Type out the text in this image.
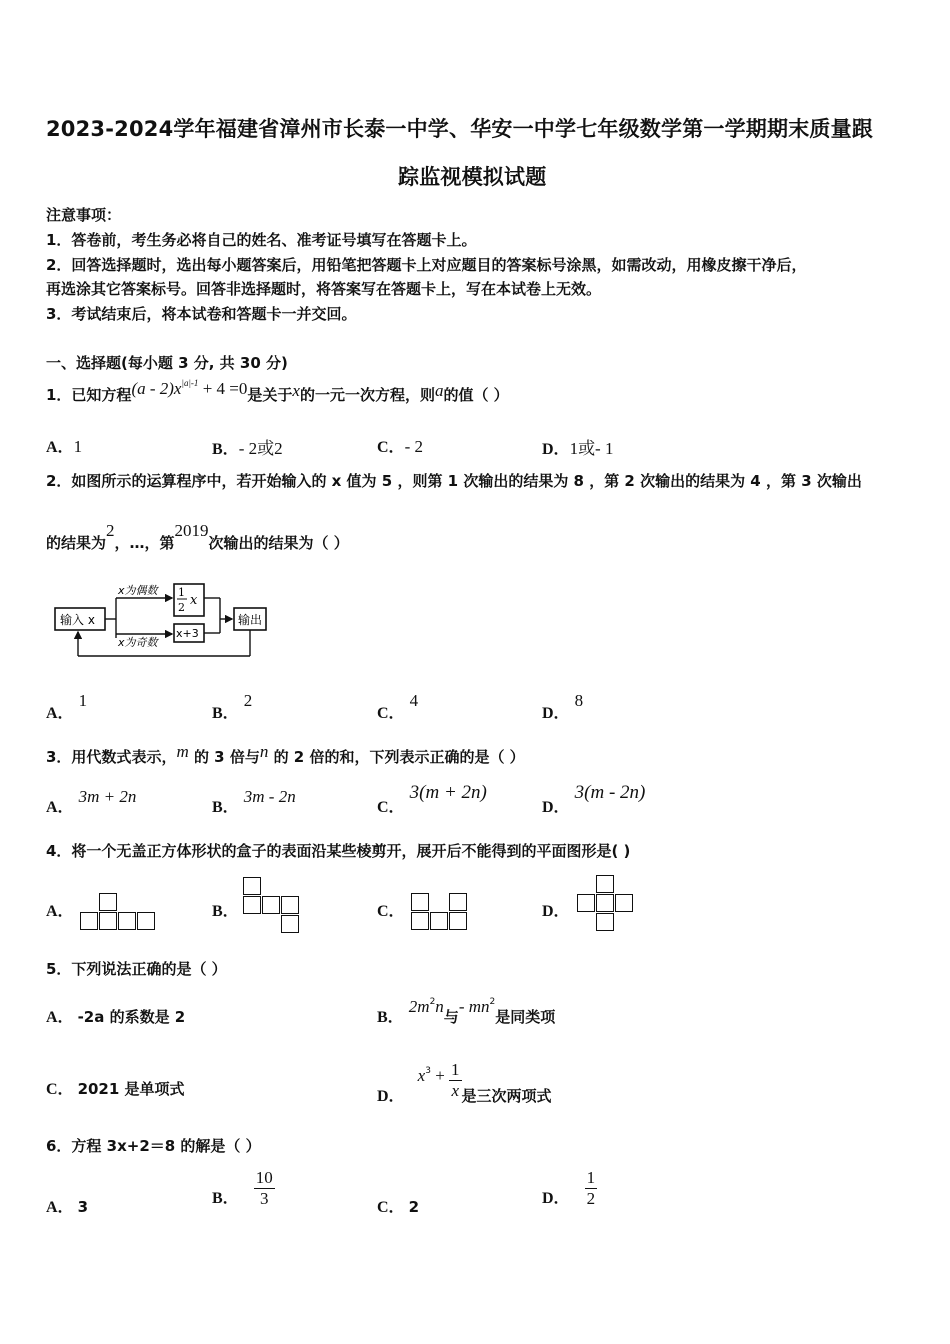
2023-2024学年福建省漳州市长泰一中学、华安一中学七年级数学第一学期期末质量跟
踪监视模拟试题
注意事项：
1．答卷前，考生务必将自己的姓名、准考证号填写在答题卡上。
2．回答选择题时，选出每小题答案后，用铅笔把答题卡上对应题目的答案标号涂黑，如需改动，用橡皮擦干净后，
再选涂其它答案标号。回答非选择题时，将答案写在答题卡上，写在本试卷上无效。
3．考试结束后，将本试卷和答题卡一并交回。
一、选择题(每小题 3 分, 共 30 分)
1．已知方程$(a - 2)x^{|a|-1} + 4 =0$是关于x的一元一次方程，则a的值（ ）
A．1	B．- 2或2	C．- 2	D．1或- 1
2．如图所示的运算程序中，若开始输入的 x 值为 5 ，则第 1 次输出的结果为 8 ，第 2 次输出的结果为 4 ，第 3 次输出
的结果为2，…，第2019次输出的结果为（ ）
输入 x
x为偶数
x为奇数
1
2 x
x+3
输出
A． 1
B． 2
C． 4
D． 8
3．用代数式表示，m 的 3 倍与n 的 2 倍的和，下列表示正确的是（ ）
A． 3m + 2n
B． 3m - 2n
C． 3(m + 2n)
D． 3(m - 2n)
4．将一个无盖正方体形状的盒子的表面沿某些棱剪开，展开后不能得到的平面图形是( )
A．	B．	C．	D．
5．下列说法正确的是（ ）
A． -2a 的系数是 2	B． $2m^2n$与- $mn^2$是同类项
C． 2021 是单项式	D． $x^3 + \frac{1}{x}$ 是三次两项式
6．方程 3x+2＝8 的解是（ ）
A． 3	B． $\frac{10}{3}$	C． 2	D． $\frac{1}{2}$
